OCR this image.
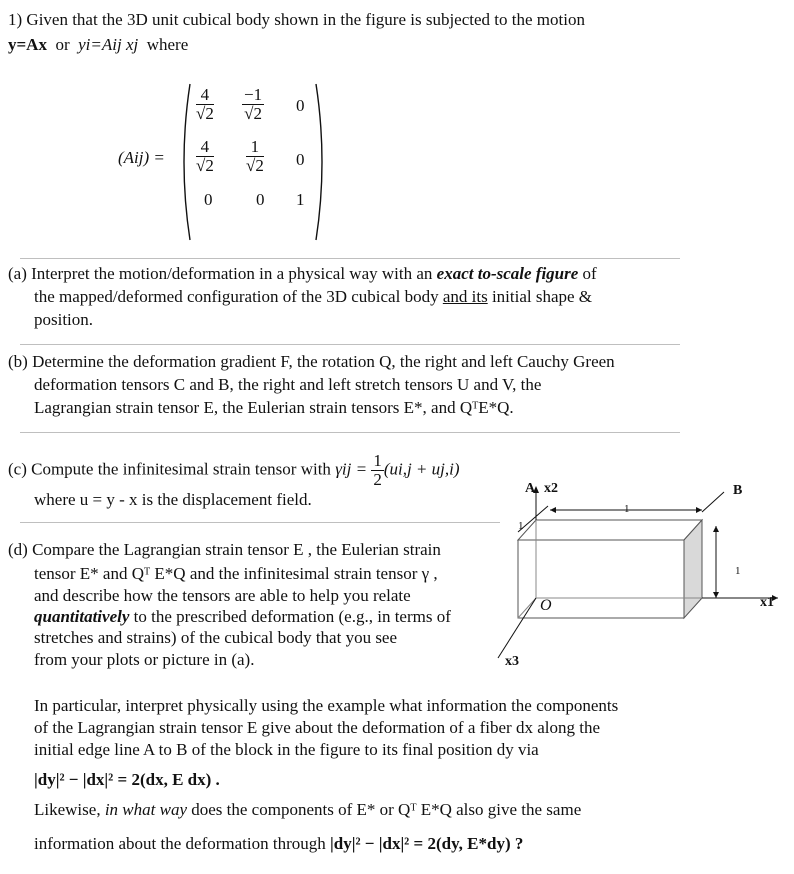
1) Given that the 3D unit cubical body shown in the figure is subjected to the motion
y=Ax or yi=Aij xj where
(Aij) =
$\frac{4}{√2} \frac{-1}{√2} 0$
$\frac{4}{√2} \frac{1}{√2} 0$
0	0 1
(a) Interpret the motion/deformation in a physical way with an exact to-scale figure of
the mapped/deformed configuration of the 3D cubical body and its initial shape &
position.
(b) Determine the deformation gradient F, the rotation Q, the right and left Cauchy Green
deformation tensors C and B, the right and left stretch tensors U and V, the
Lagrangian strain tensor E, the Eulerian strain tensors E*, and QᵀE*Q.
(c) Compute the infinitesimal strain tensor with $\gamma ij = \frac{1}{2} (ui,j + uj,i)$
where u = y - x is the displacement field.
(d) Compare the Lagrangian strain tensor E , the Eulerian strain
tensor E* and Qᵀ E*Q and the infinitesimal strain tensor γ ,
and describe how the tensors are able to help you relate
quantitatively to the prescribed deformation (e.g., in terms of
stretches and strains) of the cubical body that you see
from your plots or picture in (a).
In particular, interpret physically using the example what information the components
of the Lagrangian strain tensor E give about the deformation of a fiber dx along the
initial edge line A to B of the block in the figure to its final position dy via
|dy|² − |dx|² = 2(dx, E dx) .
Likewise, in what way does the components of E* or Qᵀ E*Q also give the same
information about the deformation through |dy|² − |dx|² = 2(dy, E*dy) ?
A	B
x2
x1
x3
O
1
1
1
